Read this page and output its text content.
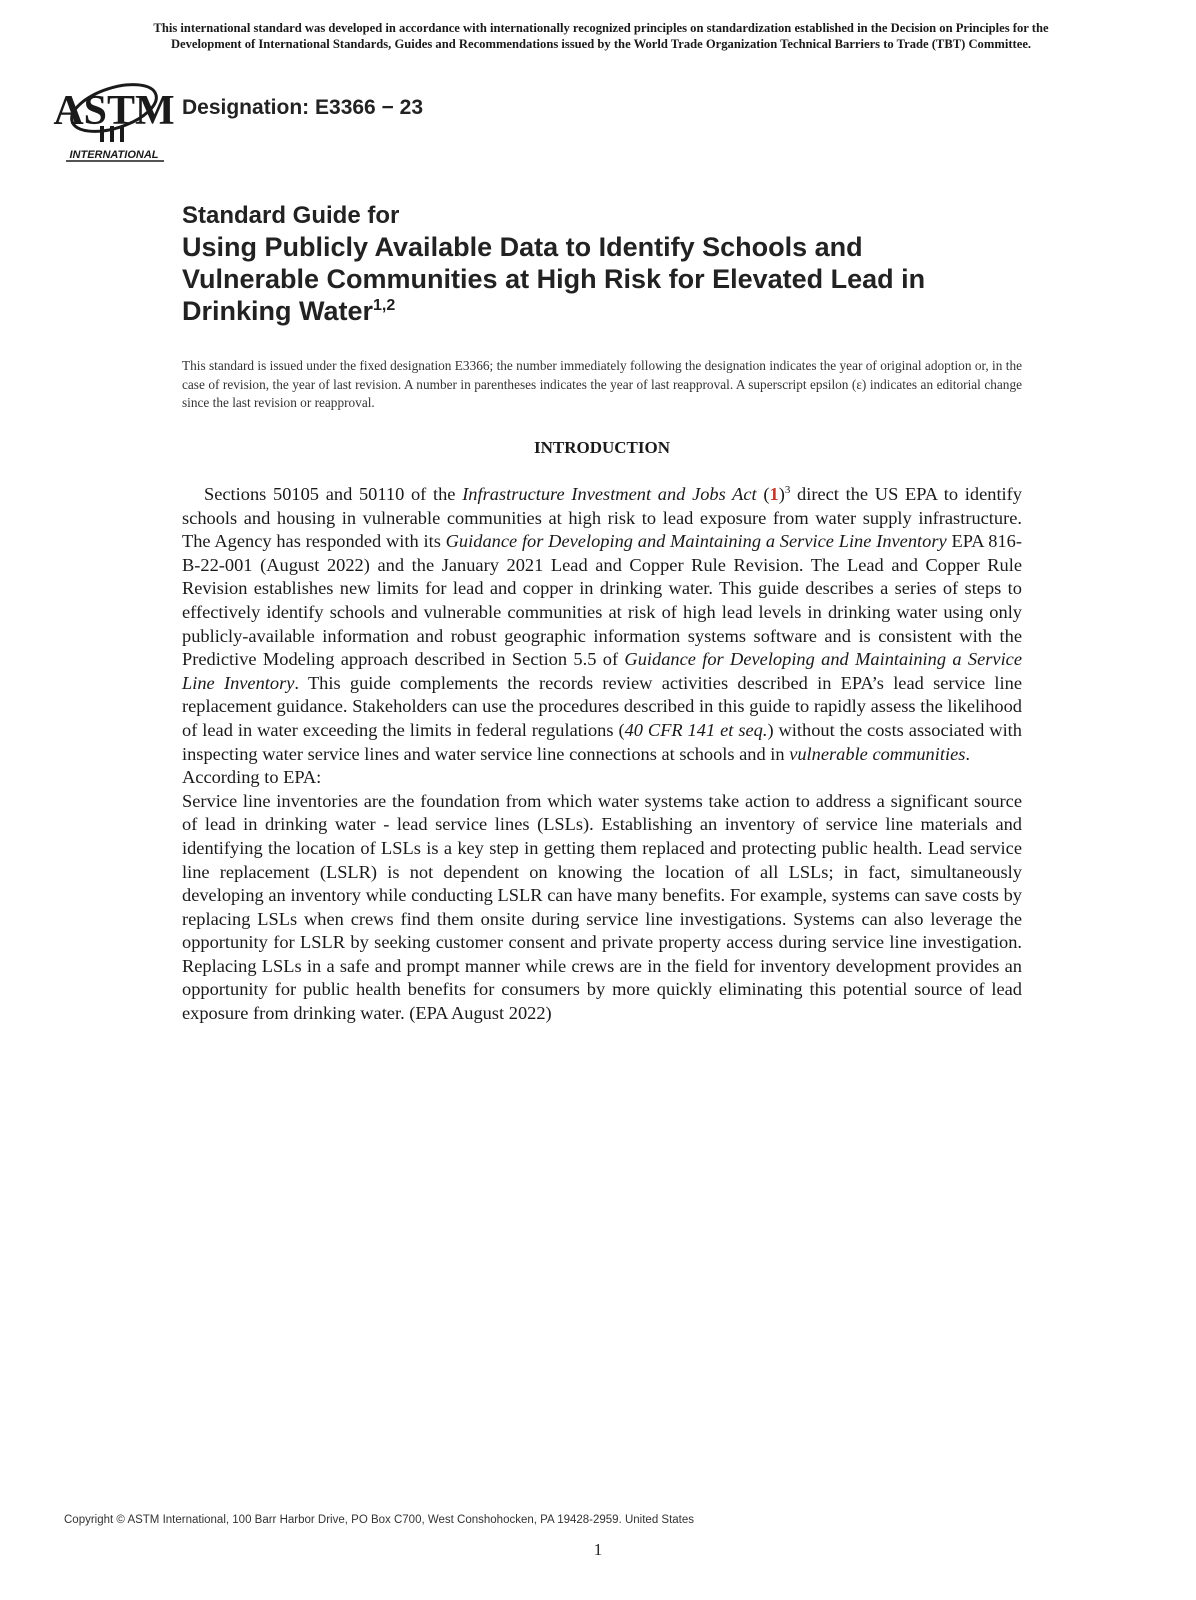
This international standard was developed in accordance with internationally recognized principles on standardization established in the Decision on Principles for the
Development of International Standards, Guides and Recommendations issued by the World Trade Organization Technical Barriers to Trade (TBT) Committee.
ASTM
INTERNATIONAL
Designation: E3366 − 23
Standard Guide for
Using Publicly Available Data to Identify Schools and
Vulnerable Communities at High Risk for Elevated Lead in
Drinking Water$^{1,2}$
This standard is issued under the fixed designation E3366; the number immediately following the designation indicates the year of original adoption or, in the case of revision, the year of last revision. A number in parentheses indicates the year of last reapproval. A superscript epsilon (ε) indicates an editorial change since the last revision or reapproval.
INTRODUCTION

Sections 50105 and 50110 of the Infrastructure Investment and Jobs Act $(1)^3$ direct the US EPA to identify schools and housing in vulnerable communities at high risk to lead exposure from water supply infrastructure. The Agency has responded with its Guidance for Developing and Maintaining a Service Line Inventory EPA 816-B-22-001 (August 2022) and the January 2021 Lead and Copper Rule Revision. The Lead and Copper Rule Revision establishes new limits for lead and copper in drinking water. This guide describes a series of steps to effectively identify schools and vulnerable communities at risk of high lead levels in drinking water using only publicly-available information and robust geographic information systems software and is consistent with the Predictive Modeling approach described in Section 5.5 of Guidance for Developing and Maintaining a Service Line Inventory. This guide complements the records review activities described in EPA’s lead service line replacement guidance. Stakeholders can use the procedures described in this guide to rapidly assess the likelihood of lead in water exceeding the limits in federal regulations (40 CFR 141 et seq.) without the costs associated with inspecting water service lines and water service line connections at schools and in vulnerable communities.

According to EPA:

Service line inventories are the foundation from which water systems take action to address a significant source of lead in drinking water - lead service lines (LSLs). Establishing an inventory of service line materials and identifying the location of LSLs is a key step in getting them replaced and protecting public health. Lead service line replacement (LSLR) is not dependent on knowing the location of all LSLs; in fact, simultaneously developing an inventory while conducting LSLR can have many benefits. For example, systems can save costs by replacing LSLs when crews find them onsite during service line investigations. Systems can also leverage the opportunity for LSLR by seeking customer consent and private property access during service line investigation. Replacing LSLs in a safe and prompt manner while crews are in the field for inventory development provides an opportunity for public health benefits for consumers by more quickly eliminating this potential source of lead exposure from drinking water. (EPA August 2022)

Copyright © ASTM International, 100 Barr Harbor Drive, PO Box C700, West Conshohocken, PA 19428-2959. United States
1
